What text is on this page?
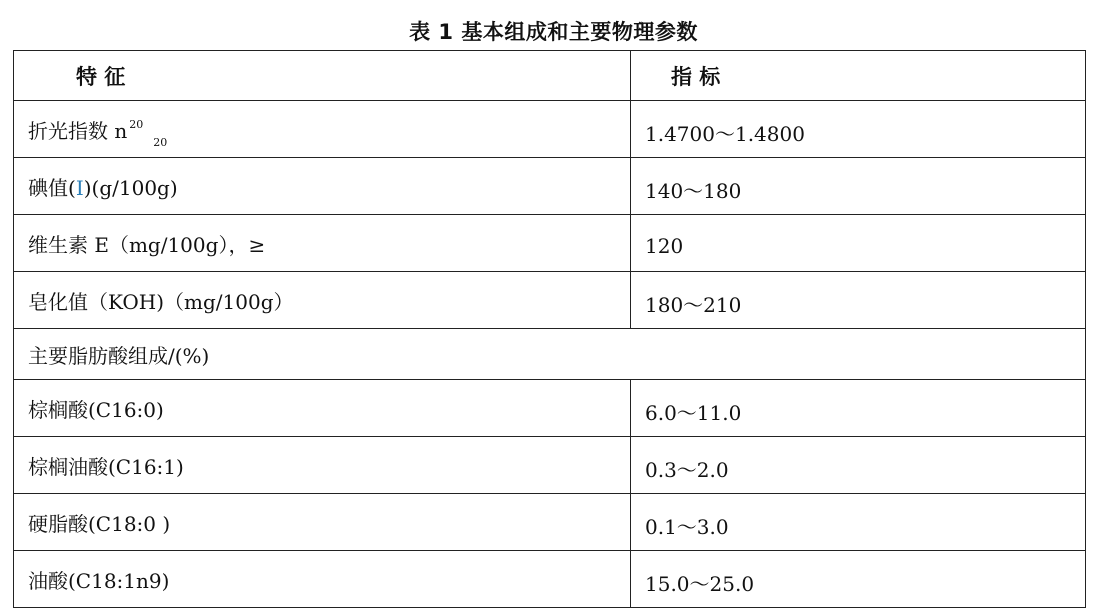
表 1 基本组成和主要物理参数
特 征	指 标
折光指数 n $^{20}_{20}$	1.4700～1.4800
碘值(I)(g/100g)	140～180
维生素 E（mg/100g），≥	120
皂化值（KOH)（mg/100g）	180～210
主要脂肪酸组成/(%)	
棕榈酸(C16:0)	6.0～11.0
棕榈油酸(C16:1)	0.3～2.0
硬脂酸(C18:0 )	0.1～3.0
油酸(C18:1n9)	15.0～25.0
